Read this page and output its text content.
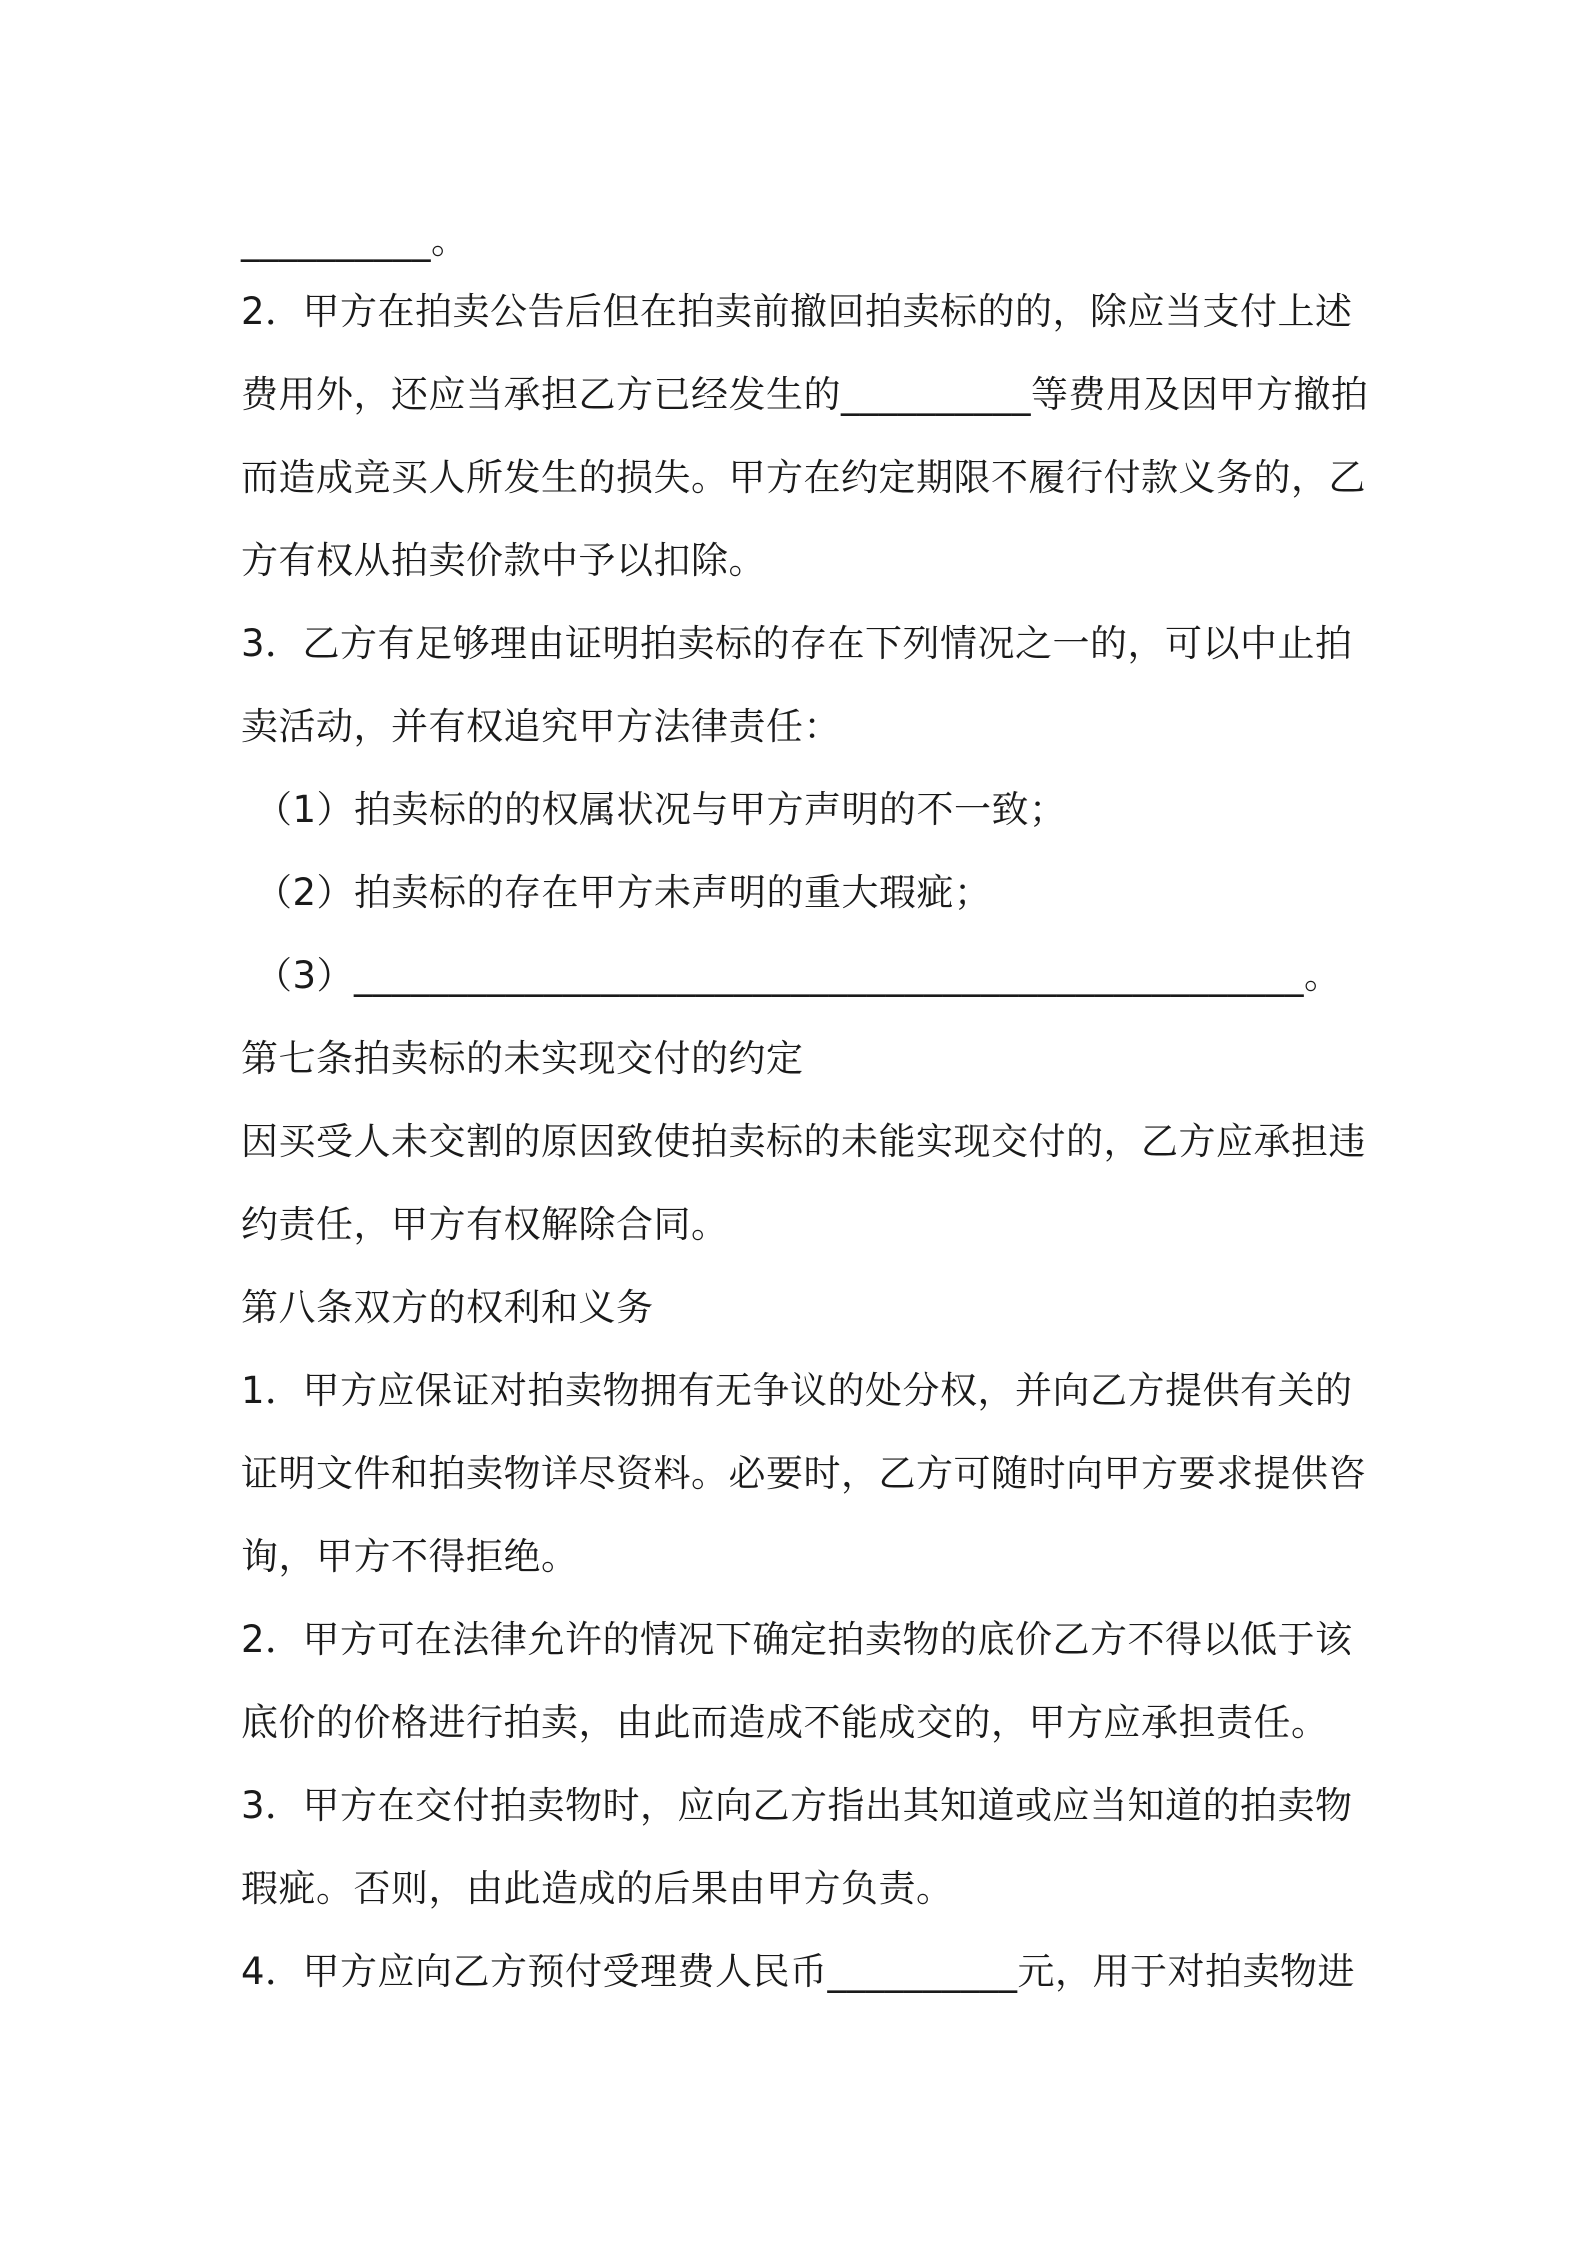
__________。
2．甲方在拍卖公告后但在拍卖前撤回拍卖标的的，除应当支付上述
费用外，还应当承担乙方已经发生的__________等费用及因甲方撤拍
而造成竞买人所发生的损失。甲方在约定期限不履行付款义务的，乙
方有权从拍卖价款中予以扣除。
3．乙方有足够理由证明拍卖标的存在下列情况之一的，可以中止拍
卖活动，并有权追究甲方法律责任：
（1）拍卖标的的权属状况与甲方声明的不一致；
（2）拍卖标的存在甲方未声明的重大瑕疵；
（3）__________________________________________________。
第七条拍卖标的未实现交付的约定
因买受人未交割的原因致使拍卖标的未能实现交付的，乙方应承担违
约责任，甲方有权解除合同。
第八条双方的权利和义务
1．甲方应保证对拍卖物拥有无争议的处分权，并向乙方提供有关的
证明文件和拍卖物详尽资料。必要时，乙方可随时向甲方要求提供咨
询，甲方不得拒绝。
2．甲方可在法律允许的情况下确定拍卖物的底价乙方不得以低于该
底价的价格进行拍卖，由此而造成不能成交的，甲方应承担责任。
3．甲方在交付拍卖物时，应向乙方指出其知道或应当知道的拍卖物
瑕疵。否则，由此造成的后果由甲方负责。
4．甲方应向乙方预付受理费人民币__________元，用于对拍卖物进
